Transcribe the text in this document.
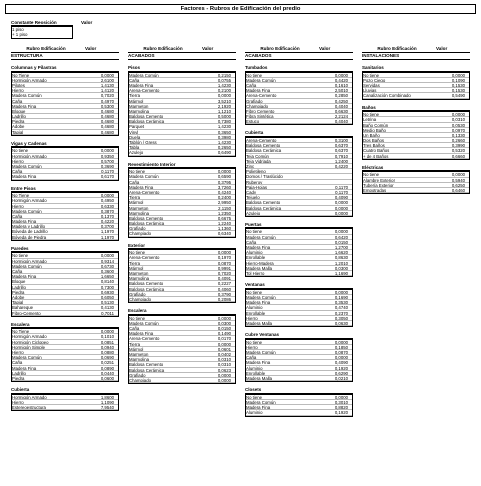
Factores - Rubros de Edificación del predio
Constante Reosición	Valor
1 piso
+ 1 piso
Rubro Edificación	Valor
ESTRUCTURA
Columnas y Pilastras
No Tiene	0,0000
Hormigón Armado	2,6100
Pilotes	1,4130
Hierro	1,4120
Madera Común	0,7020
Caña	0,4970
Madera Fina	0,5300
Bloque	0,4680
Ladrillo	0,4680
Piedra	0,4680
Adobe	0,4680
Tapial	0,4680
Vigas y Cadenas
No tiene	0,0000
Hormigón Armado	0,9350
Hierro	0,5700
Madera Común	0,3690
Caña	0,1170
Madera Fina	0,6170
Entre Pisos
No Tiene	0,0000
Hormigón Armado	0,4950
Hierro	0,6330
Madera Común	0,3870
Caña	0,1370
Madera Fina	0,4220
Madera y Ladrillo	0,3700
Bóveda de Ladrillo	1,1970
Bóveda de Piedra	1,1970
Paredes
No tiene	0,0000
Hormigón Armado	0,9314
Madera Común	0,6730
Caña	0,3600
Madera Fina	1,6650
Bloque	0,8140
Ladrillo	0,7300
Piedra	0,6930
Adobe	0,6050
Tapial	0,5130
Bahareque	0,4130
Fibro-Cemento	0,7011
Escalera
No Tiene	0,0000
Hormigón Armado	0,1010
Hormigón Ciclopeo	0,0851
Hormigón Simple	0,0940
Hierro	0,0880
Madera Común	0,0690
Caña	0,0251
Madera Fina	0,0890
Ladrillo	0,0440
Piedra	0,0600
Cubierta
Hormigón Armado	1,8600
Hierro	1,1090
Estereoestructura	7,9540
Rubro Edificación	Valor
ACABADOS
Pisos
Madera Común	0,2150
Caña	0,0755
Madera Fina	1,4230
Arena-Cemento	0,2100
Tierra	0,0000
Mármol	3,5210
Marmeton	2,1920
Marmolina	1,1210
Baldosa Cemento	0,5000
Baldosa Cerámica	0,7380
Parquet	1,4230
Vinyl	0,3650
Duela	0,3980
Tablón / Gress	1,4230
Tabla	0,2650
Azulejo	0,6490
Revestimiento Interior
No tiene	0,0000
Madera Común	0,6590
Caña	0,3795
Madera Fina	3,7260
Arena-Cemento	0,4240
Tierra	0,2400
Mármol	2,9950
Marmeton	2,1150
Marmolina	1,2350
Baldosa Cemento	0,6675
Baldosa Cerámica	1,2240
Grafiado	1,1360
Champiado	0,6340
Exterior
No tiene	0,0000
Arena-Cemento	0,1970
Tierra	0,0870
Mármol	0,9991
Marmeton	0,7020
Marmolina	0,4091
Baldosa Cemento	0,2227
Baldosa Cerámica	0,4060
Grafiado	0,3790
Champiado	0,2086
Escalera
No tiene	0,0000
Madera Común	0,0300
Caña	0,0150
Madera Fina	0,1490
Arena-Cemento	0,0170
Tierra	0,0000
Mármol	0,0601
Marmeton	0,0402
Marmolina	0,0310
Baldosa Cemento	0,0310
Baldosa Cerámica	0,0623
Grafiado	0,0000
Champiado	0,0000
Rubro Edificación	Valor
ACABADOS
Tumbados
No tiene	0,0000
Madera Común	0,4420
Caña	0,1610
Madera Fina	2,5010
Arena-Cemento	0,2850
Grafiado	0,4250
Champiado	0,4040
Fibro Cemento	0,6630
Fibra Sintética	2,2124
Estuco	0,4040
Cubierta
Arena-Cemento	0,3100
Baldosa Cemento	0,6370
Baldosa Cerámica	0,6370
Teja Común	0,7910
Teja Vidriada	1,2400
Zinc	0,4220
Polietileno
Domos / Traslúcido
Ruberoy
Paja-Hojas	0,1170
Cady	0,1170
Tejuelo	0,4090
Baldosa Cemento	0,0000
Baldosa Cerámica	0,0000
Azulejo	0,0000
Puertas
No tiene	0,0000
Madera Común	0,6420
Caña	0,0150
Madera Fina	1,2700
Aluminio	1,6620
Enrollable	0,8630
Hierro-Madera	1,2010
Madera Malla	0,0300
Tol Hierro	1,1690
Ventanas
No tiene	0,0000
Madera Común	0,1690
Madera Fina	0,3530
Aluminio	0,4740
Enrollable	0,2370
Hierro	0,3050
Madera Malla	0,0630
Cubre Ventanas
No tiene	0,0000
Hierro	0,1850
Madera Común	0,0870
Caña	0,0000
Madera Fina	0,4090
Aluminio	0,1920
Enrollable	0,6290
Madera Malla	0,0210
Closets
No tiene	0,0000
Madera Común	0,3010
Madera Fina	0,8820
Aluminio	0,1920
Rubro Edificación	Valor
INSTALACIONES
Sanitarios
No tiene	0,0000
Pozo Ciego	0,1090
Servidas	0,1530
Lluvias	0,1530
Canalización Combinado	0,5490
Baños
No tiene	0,0000
Letrina	0,0310
Baño Común	0,0530
Medio Baño	0,0970
Un Baño	0,1330
Dos Baños	0,2660
Tres Baños	0,3990
Cuatro Baños	0,5320
+ de 4 Baños	0,6660
Eléctricas
No tiene	0,0000
Alambre Exterior	0,5940
Tubería Exterior	0,6250
Empotradas	0,6460
